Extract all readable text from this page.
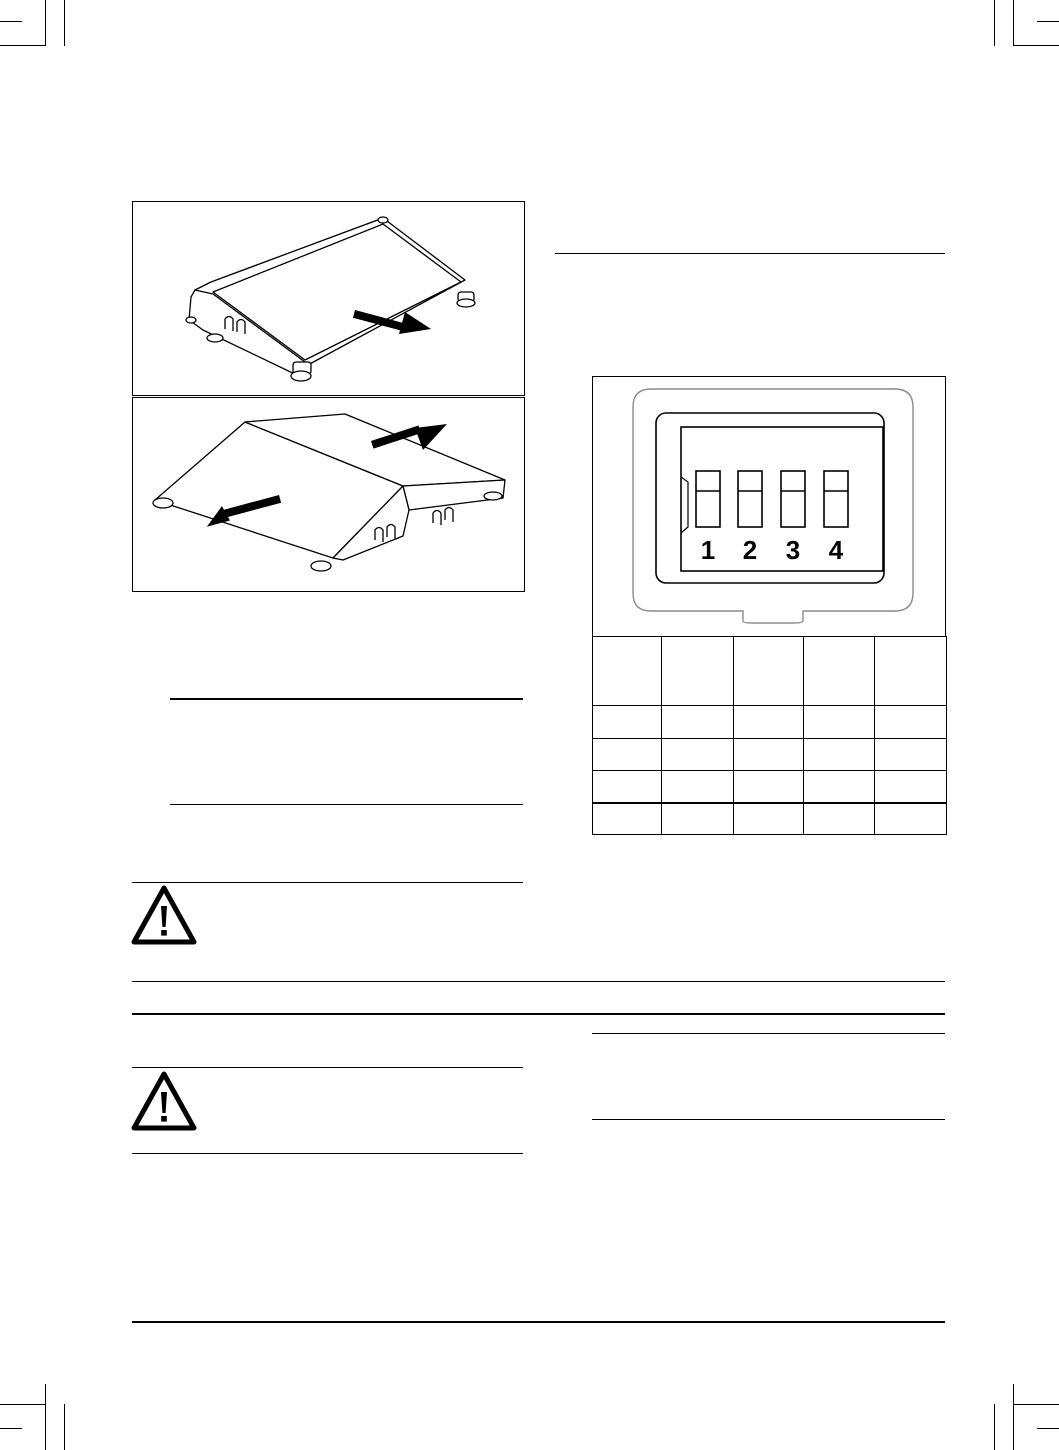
1 2 3 4
